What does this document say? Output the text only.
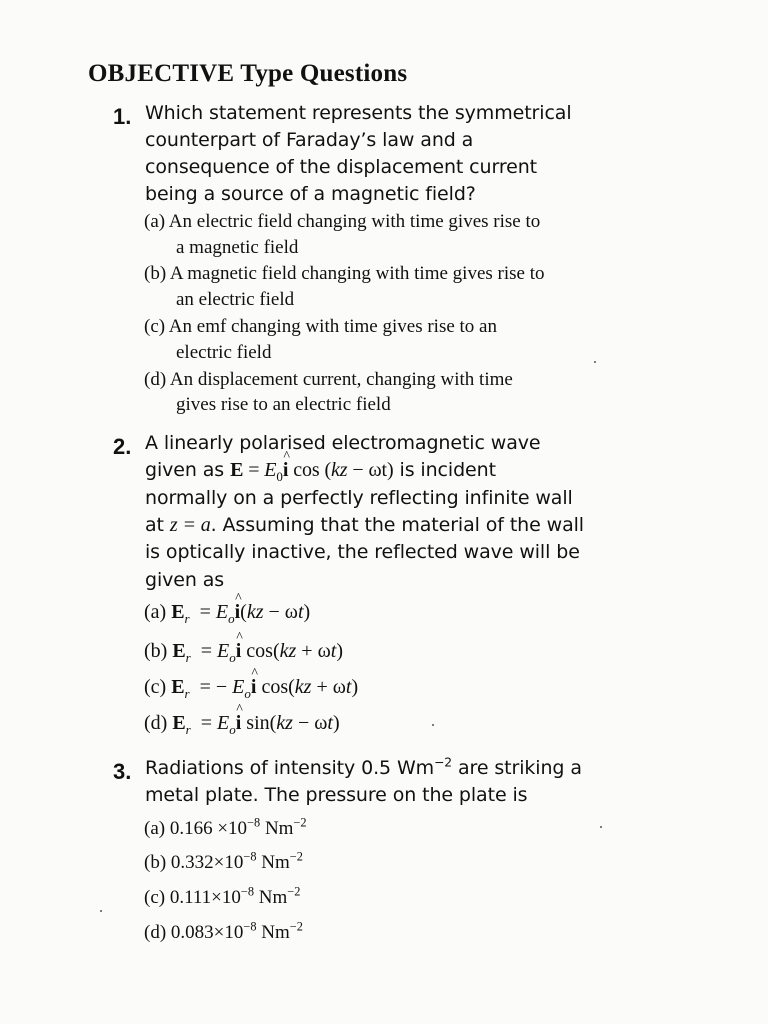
OBJECTIVE Type Questions
1. Which statement represents the symmetrical
counterpart of Faraday’s law and a
consequence of the displacement current
being a source of a magnetic field?
(a) An electric field changing with time gives rise to
a magnetic field
(b) A magnetic field changing with time gives rise to
an electric field
(c) An emf changing with time gives rise to an
electric field
(d) An displacement current, changing with time
gives rise to an electric field
2. A linearly polarised electromagnetic wave
given as $E = E_0\^{}$ i cos (kz − ωt) is incident
normally on a perfectly reflecting infinite wall
at z = a. Assuming that the material of the wall
is optically inactive, the reflected wave will be
given as
(a) $E_r$  = $E_o\^{}$ i(kz − ωt)
(b) $E_r$  = $E_o\^{}$ i cos(kz + ωt)
(c) $E_r$  = − $E_o\^{}$ i cos(kz + ωt)
(d) $E_r$  = $E_o\^{}$ i sin(kz − ωt)
3. Radiations of intensity 0.5 $Wm^{-2}$ are striking a
metal plate. The pressure on the plate is
(a) $0.166 \times 10^{-8}$ $Nm^{-2}$
(b) $0.332\times 10^{-8}$ $Nm^{-2}$
(c) $0.111\times 10^{-8}$ $Nm^{-2}$
(d) $0.083\times 10^{-8}$ $Nm^{-2}$
